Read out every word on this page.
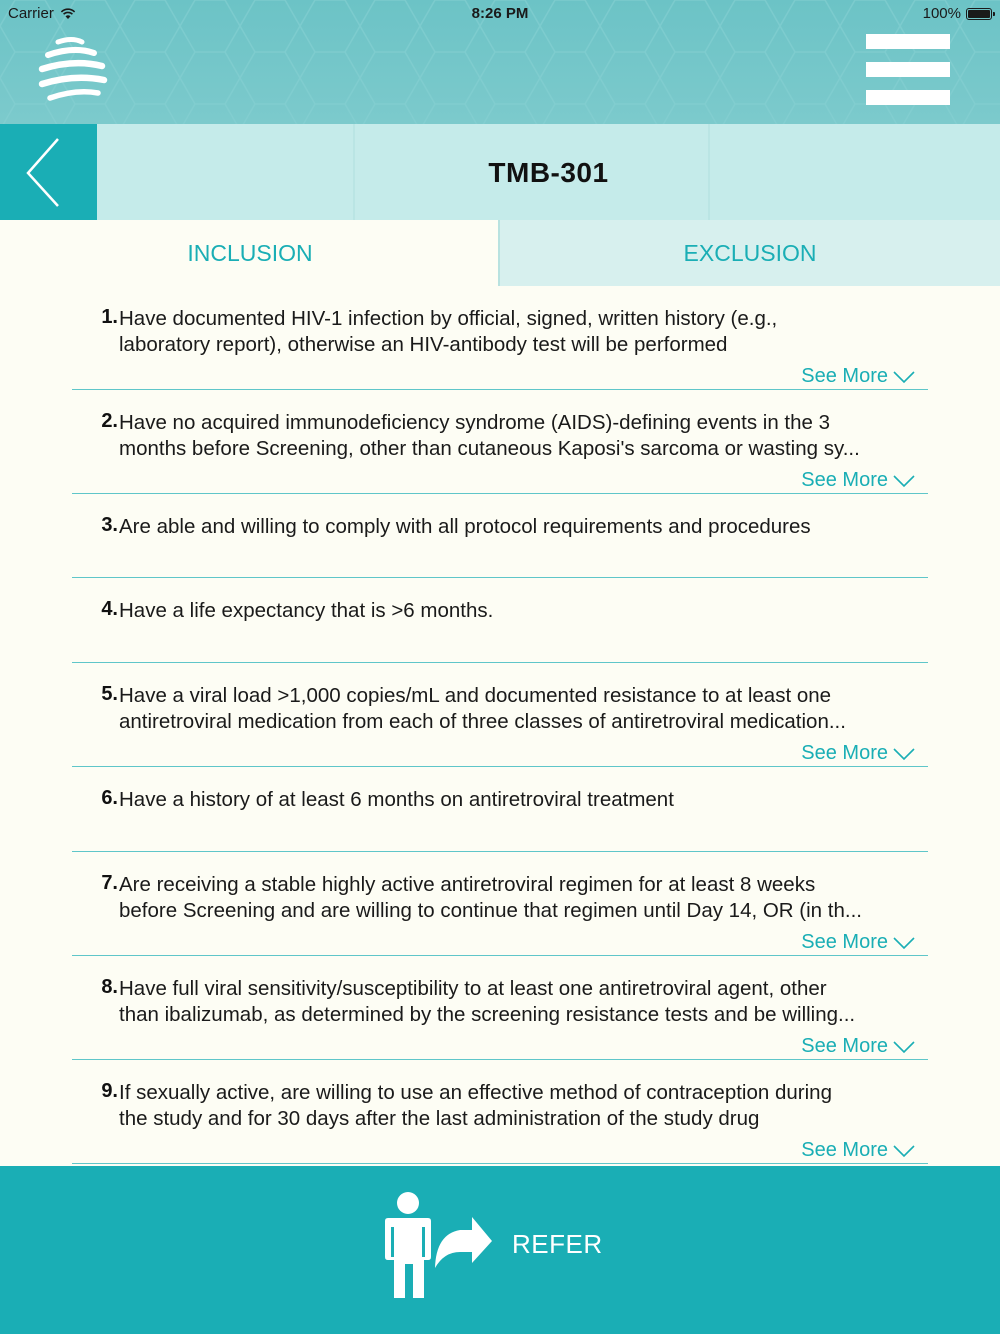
Carrier	8:26 PM	100%
TMB-301
INCLUSION	EXCLUSION
1. Have documented HIV-1 infection by official, signed, written history (e.g.,
laboratory report), otherwise an HIV-antibody test will be performed
See More
2. Have no acquired immunodeficiency syndrome (AIDS)-defining events in the 3
months before Screening, other than cutaneous Kaposi's sarcoma or wasting sy...
See More
3. Are able and willing to comply with all protocol requirements and procedures
4. Have a life expectancy that is >6 months.
5. Have a viral load >1,000 copies/mL and documented resistance to at least one
antiretroviral medication from each of three classes of antiretroviral medication...
See More
6. Have a history of at least 6 months on antiretroviral treatment
7. Are receiving a stable highly active antiretroviral regimen for at least 8 weeks
before Screening and are willing to continue that regimen until Day 14, OR (in th...
See More
8. Have full viral sensitivity/susceptibility to at least one antiretroviral agent, other
than ibalizumab, as determined by the screening resistance tests and be willing...
See More
9. If sexually active, are willing to use an effective method of contraception during
the study and for 30 days after the last administration of the study drug
See More
REFER
